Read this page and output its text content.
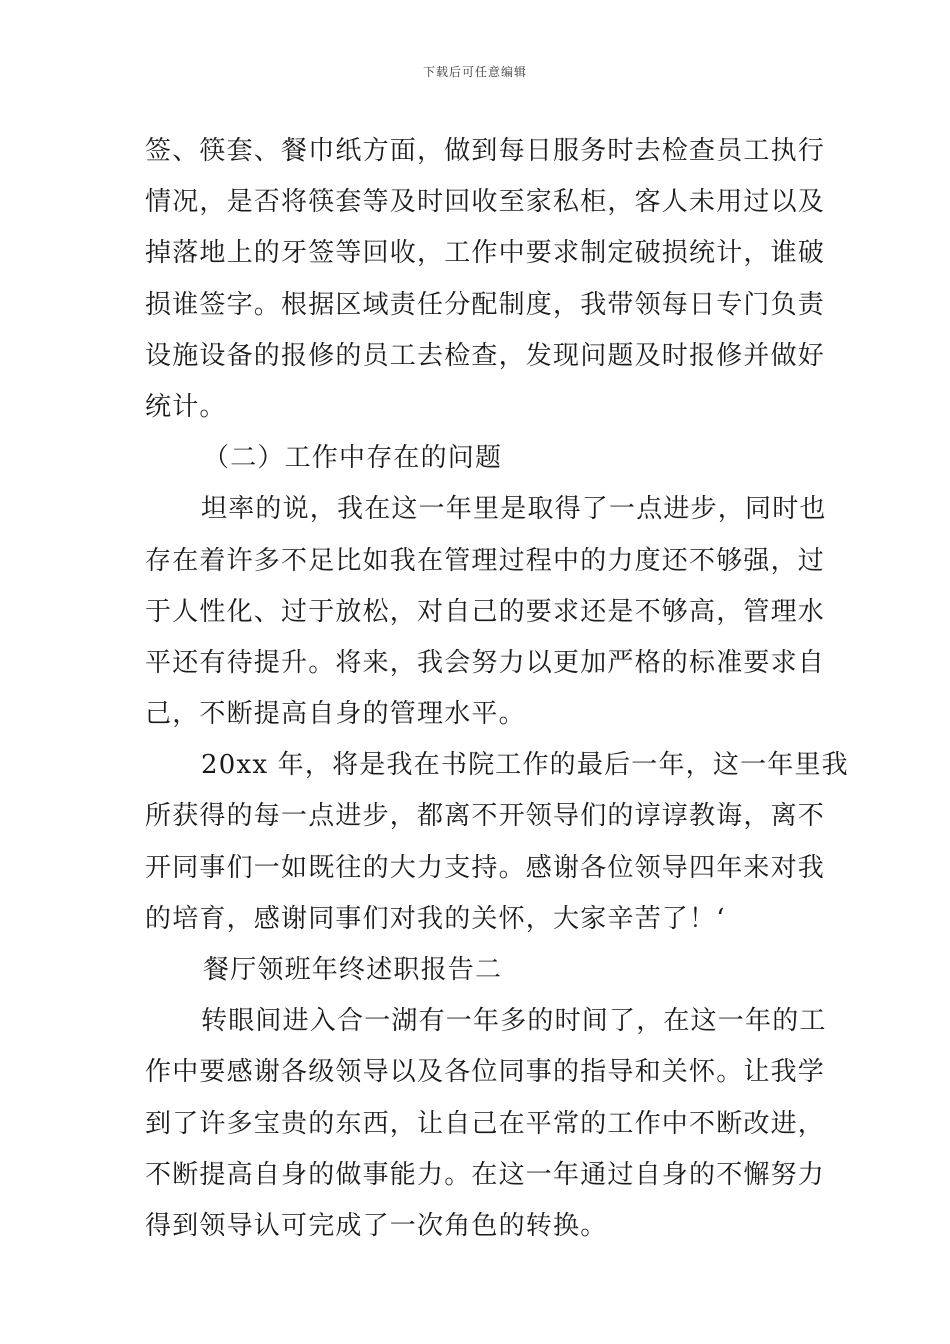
下载后可任意编辑
签、筷套、餐巾纸方面，做到每日服务时去检查员工执行
情况，是否将筷套等及时回收至家私柜，客人未用过以及
掉落地上的牙签等回收，工作中要求制定破损统计，谁破
损谁签字。根据区域责任分配制度，我带领每日专门负责
设施设备的报修的员工去检查，发现问题及时报修并做好
统计。
（二）工作中存在的问题
坦率的说，我在这一年里是取得了一点进步，同时也
存在着许多不足比如我在管理过程中的力度还不够强，过
于人性化、过于放松，对自己的要求还是不够高，管理水
平还有待提升。将来，我会努力以更加严格的标准要求自
己，不断提高自身的管理水平。
20xx 年，将是我在书院工作的最后一年，这一年里我
所获得的每一点进步，都离不开领导们的谆谆教诲，离不
开同事们一如既往的大力支持。感谢各位领导四年来对我
的培育，感谢同事们对我的关怀，大家辛苦了！‘
餐厅领班年终述职报告二
转眼间进入合一湖有一年多的时间了，在这一年的工
作中要感谢各级领导以及各位同事的指导和关怀。让我学
到了许多宝贵的东西，让自己在平常的工作中不断改进，
不断提高自身的做事能力。在这一年通过自身的不懈努力
得到领导认可完成了一次角色的转换。
